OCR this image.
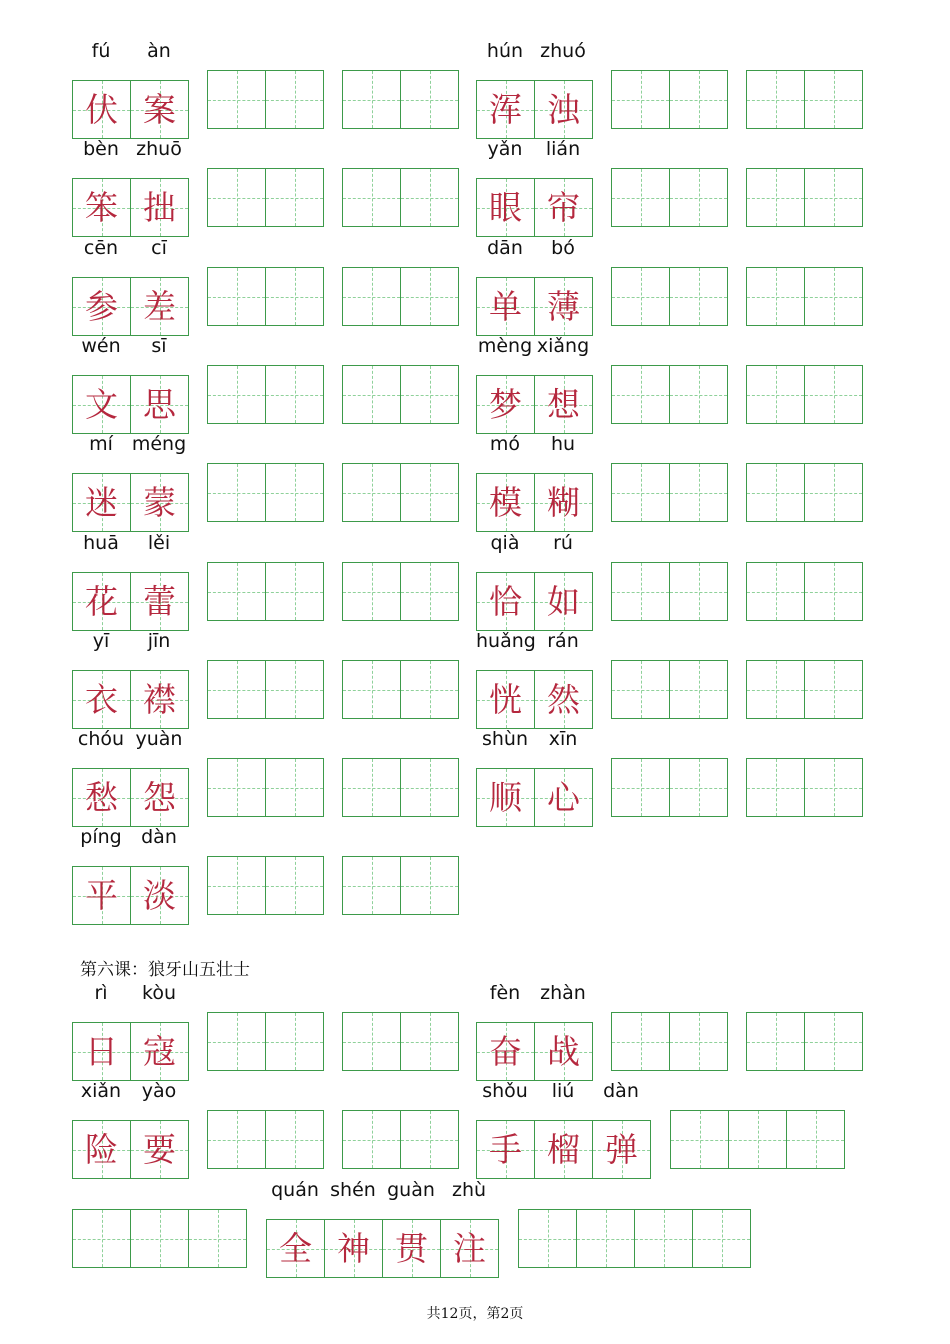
fú	àn
伏 案
hún zhuó
浑 浊
bèn zhuō
笨 拙
yǎn	lián
眼 帘
cēn	cī
参 差
dān	bó
单 薄
wén	sī
文 思
mèng xiǎng
梦 想
mí méng
迷 蒙
mó	hu
模 糊
huā	lěi
花 蕾
qià	rú
恰 如
yī	jīn
衣 襟
huǎng rán
恍 然
chóu yuàn
愁 怨
shùn	xīn
顺 心
píng	dàn
平 淡
rì	kòu
日 寇
fèn	zhàn
奋 战
xiǎn	yào
险 要
shǒu	liú	dàn
手 榴 弹
quán shén guàn zhù
全 神 贯 注
第六课：狼牙山五壮士
共12页，第2页
